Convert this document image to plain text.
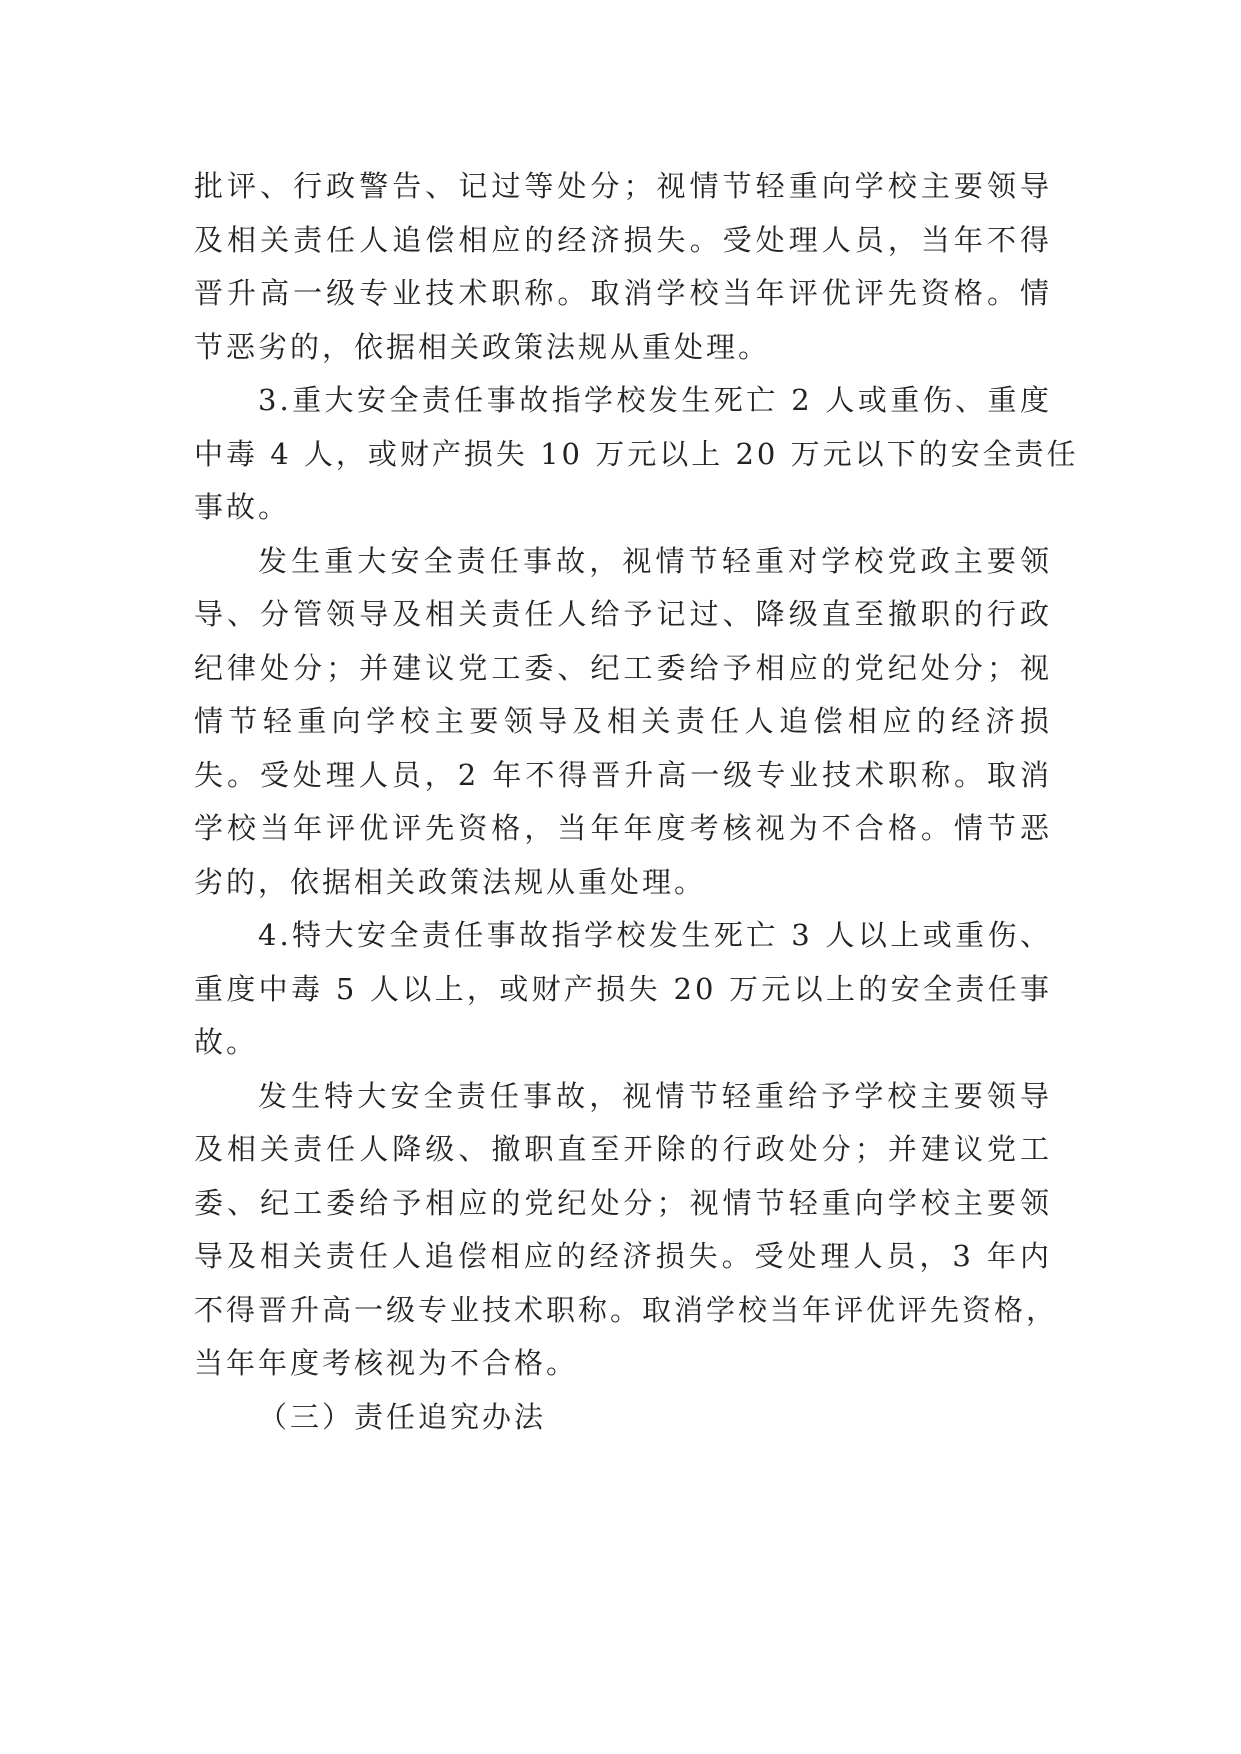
批评、行政警告、记过等处分；视情节轻重向学校主要领导
及相关责任人追偿相应的经济损失。受处理人员，当年不得
晋升高一级专业技术职称。取消学校当年评优评先资格。情
节恶劣的，依据相关政策法规从重处理。
3.重大安全责任事故指学校发生死亡 2 人或重伤、重度
中毒 4 人，或财产损失 10 万元以上 20 万元以下的安全责任
事故。
发生重大安全责任事故，视情节轻重对学校党政主要领
导、分管领导及相关责任人给予记过、降级直至撤职的行政
纪律处分；并建议党工委、纪工委给予相应的党纪处分；视
情节轻重向学校主要领导及相关责任人追偿相应的经济损
失。受处理人员，2 年不得晋升高一级专业技术职称。取消
学校当年评优评先资格，当年年度考核视为不合格。情节恶
劣的，依据相关政策法规从重处理。
4.特大安全责任事故指学校发生死亡 3 人以上或重伤、
重度中毒 5 人以上，或财产损失 20 万元以上的安全责任事
故。
发生特大安全责任事故，视情节轻重给予学校主要领导
及相关责任人降级、撤职直至开除的行政处分；并建议党工
委、纪工委给予相应的党纪处分；视情节轻重向学校主要领
导及相关责任人追偿相应的经济损失。受处理人员，3 年内
不得晋升高一级专业技术职称。取消学校当年评优评先资格，
当年年度考核视为不合格。
（三）责任追究办法
